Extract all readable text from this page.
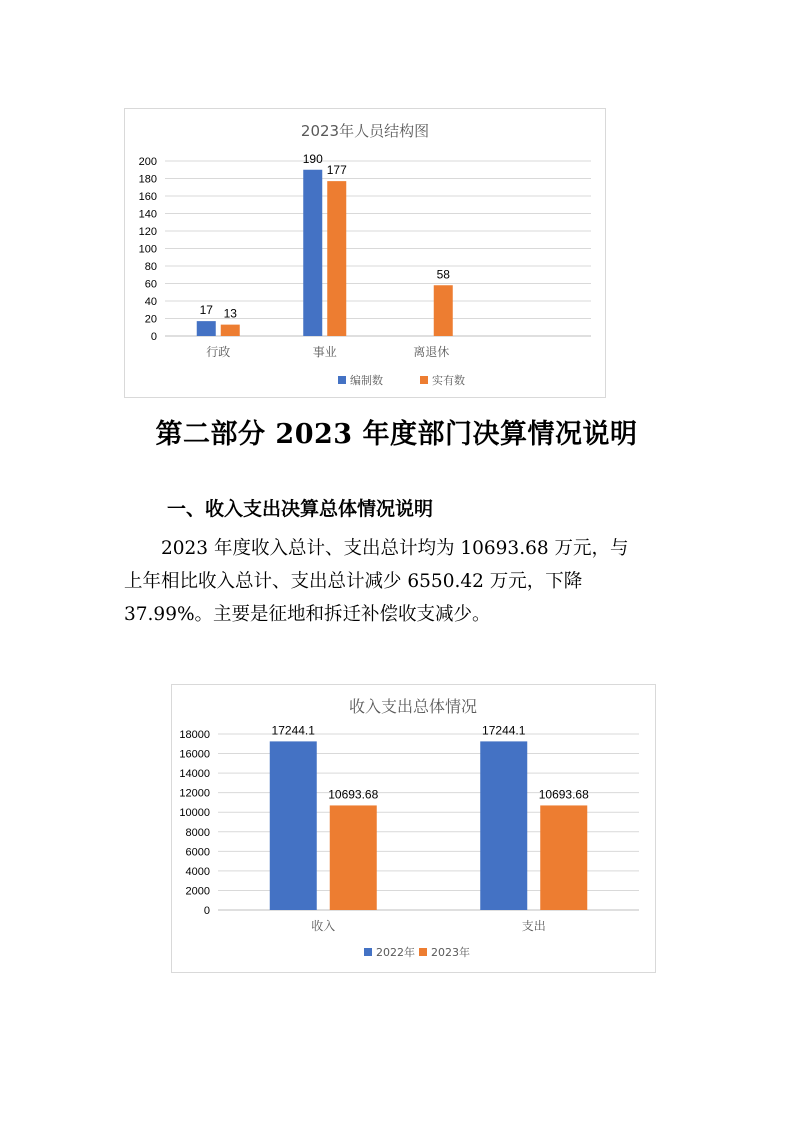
2023年人员结构图
0
20
40
60
80
100
120
140
160
180
200
行政
17 13
事业
190
177
离退休
58
编制数	实有数
第二部分 2023 年度部门决算情况说明
一、收入支出决算总体情况说明
2023 年度收入总计、支出总计均为 10693.68 万元，与
上年相比收入总计、支出总计减少 6550.42 万元，下降
37.99%。主要是征地和拆迁补偿收支减少。
收入支出总体情况
0
2000
4000
6000
8000
10000
12000
14000
16000
18000
收入
17244.1
10693.68
支出
17244.1
10693.68
2022年 2023年
